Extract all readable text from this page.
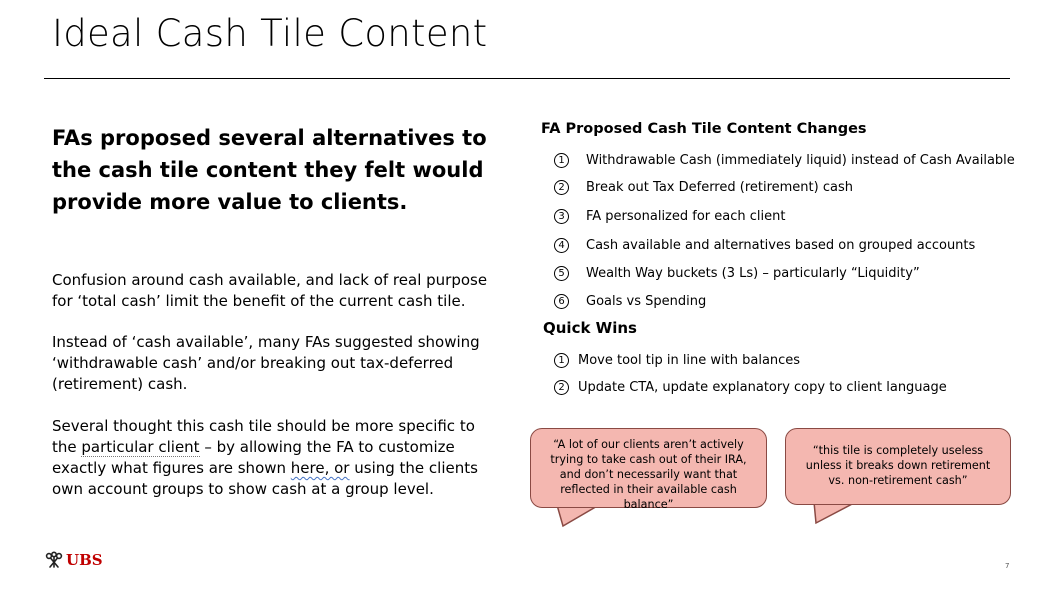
Ideal Cash Tile Content
FAs proposed several alternatives to the cash tile content they felt would provide more value to clients.
Confusion around cash available, and lack of real purpose for ‘total cash’ limit the benefit of the current cash tile.
Instead of ‘cash available’, many FAs suggested showing ‘withdrawable cash’ and/or breaking out tax-deferred (retirement) cash.
Several thought this cash tile should be more specific to the particular client – by allowing the FA to customize exactly what figures are shown here, or using the clients own account groups to show cash at a group level.
FA Proposed Cash Tile Content Changes
1	Withdrawable Cash (immediately liquid) instead of Cash Available
2	Break out Tax Deferred (retirement) cash
3	FA personalized for each client
4	Cash available and alternatives based on grouped accounts
5	Wealth Way buckets (3 Ls) – particularly “Liquidity”
6	Goals vs Spending
Quick Wins
1	Move tool tip in line with balances
2	Update CTA, update explanatory copy to client language
“A lot of our clients aren’t actively trying to take cash out of their IRA, and don’t necessarily want that reflected in their available cash balance”
“this tile is completely useless unless it breaks down retirement vs. non-retirement cash”
UBS	7
